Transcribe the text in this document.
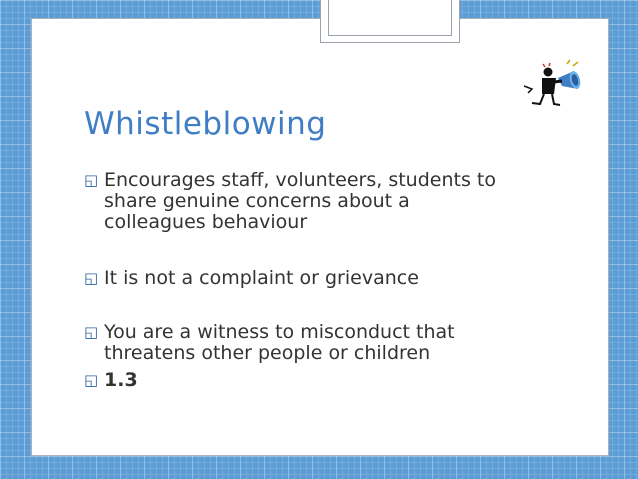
Whistleblowing
◱ Encourages staff, volunteers, students to
share genuine concerns about a
colleagues behaviour
◱ It is not a complaint or grievance
◱ You are a witness to misconduct that
threatens other people or children
◱ 1.3
